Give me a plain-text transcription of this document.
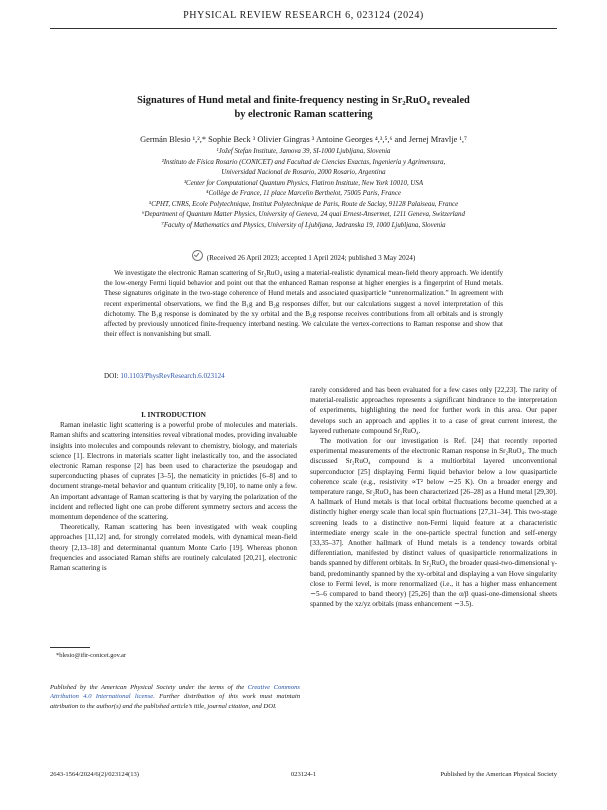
PHYSICAL REVIEW RESEARCH 6, 023124 (2024)
Signatures of Hund metal and finite-frequency nesting in Sr₂RuO₄ revealed
by electronic Raman scattering
Germán Blesio ¹,²,* Sophie Beck ³ Olivier Gingras ³ Antoine Georges ⁴,³,⁵,⁶ and Jernej Mravlje ¹,⁷
¹Jožef Stefan Institute, Jamova 39, SI-1000 Ljubljana, Slovenia
²Instituto de Física Rosario (CONICET) and Facultad de Ciencias Exactas, Ingeniería y Agrimensura,
Universidad Nacional de Rosario, 2000 Rosario, Argentina
³Center for Computational Quantum Physics, Flatiron Institute, New York 10010, USA
⁴Collège de France, 11 place Marcelin Berthelot, 75005 Paris, France
⁵CPHT, CNRS, Ecole Polytechnique, Institut Polytechnique de Paris, Route de Saclay, 91128 Palaiseau, France
⁶Department of Quantum Matter Physics, University of Geneva, 24 quai Ernest-Ansermet, 1211 Geneva, Switzerland
⁷Faculty of Mathematics and Physics, University of Ljubljana, Jadranska 19, 1000 Ljubljana, Slovenia
(Received 26 April 2023; accepted 1 April 2024; published 3 May 2024)
We investigate the electronic Raman scattering of Sr₂RuO₄ using a material-realistic dynamical mean-field theory approach. We identify the low-energy Fermi liquid behavior and point out that the enhanced Raman response at higher energies is a fingerprint of Hund metals. These signatures originate in the two-stage coherence of Hund metals and associated quasiparticle “unrenormalization.” In agreement with recent experimental observations, we find the B₁g and B₂g responses differ, but our calculations suggest a novel interpretation of this dichotomy. The B₁g response is dominated by the xy orbital and the B₂g response receives contributions from all orbitals and is strongly affected by previously unnoticed finite-frequency interband nesting. We calculate the vertex-corrections to Raman response and show that their effect is nonvanishing but small.
DOI: 10.1103/PhysRevResearch.6.023124

I. INTRODUCTION

Raman inelastic light scattering is a powerful probe of molecules and materials. Raman shifts and scattering intensities reveal vibrational modes, providing invaluable insights into molecules and compounds relevant to chemistry, biology, and materials science [1]. Electrons in materials scatter light inelastically too, and the associated electronic Raman response [2] has been used to characterize the pseudogap and superconducting phases of cuprates [3–5], the nematicity in pnictides [6–8] and to document strange-metal behavior and quantum criticality [9,10], to name only a few. An important advantage of Raman scattering is that by varying the polarization of the incident and reflected light one can probe different symmetry sectors and access the momentum dependence of the scattering.

Theoretically, Raman scattering has been investigated with weak coupling approaches [11,12] and, for strongly correlated models, with dynamical mean-field theory [2,13–18] and determinantal quantum Monte Carlo [19]. Whereas phonon frequencies and associated Raman shifts are routinely calculated [20,21], electronic Raman scattering is

rarely considered and has been evaluated for a few cases only [22,23]. The rarity of material-realistic approaches represents a significant hindrance to the interpretation of experiments, highlighting the need for further work in this area. Our paper develops such an approach and applies it to a case of great current interest, the layered ruthenate compound Sr₂RuO₄.

The motivation for our investigation is Ref. [24] that recently reported experimental measurements of the electronic Raman response in Sr₂RuO₄. The much discussed Sr₂RuO₄ compound is a multiorbital layered unconventional superconductor [25] displaying Fermi liquid behavior below a low quasiparticle coherence scale (e.g., resistivity ∝T² below ∼25 K). On a broader energy and temperature range, Sr₂RuO₄ has been characterized [26–28] as a Hund metal [29,30]. A hallmark of Hund metals is that local orbital fluctuations become quenched at a distinctly higher energy scale than local spin fluctuations [27,31–34]. This two-stage screening leads to a distinctive non-Fermi liquid feature at a characteristic intermediate energy scale in the one-particle spectral function and self-energy [33,35–37]. Another hallmark of Hund metals is a tendency towards orbital differentiation, manifested by distinct values of quasiparticle renormalizations in bands spanned by different orbitals. In Sr₂RuO₄ the broader quasi-two-dimensional γ-band, predominantly spanned by the xy-orbital and displaying a van Hove singularity close to Fermi level, is more renormalized (i.e., it has a higher mass enhancement ∼5–6 compared to band theory) [25,26] than the α/β quasi-one-dimensional sheets spanned by the xz/yz orbitals (mass enhancement ∼3.5).

*blesio@ifir-conicet.gov.ar
Published by the American Physical Society under the terms of the Creative Commons Attribution 4.0 International license. Further distribution of this work must maintain attribution to the author(s) and the published article’s title, journal citation, and DOI.
2643-1564/2024/6(2)/023124(13)	023124-1	Published by the American Physical Society
